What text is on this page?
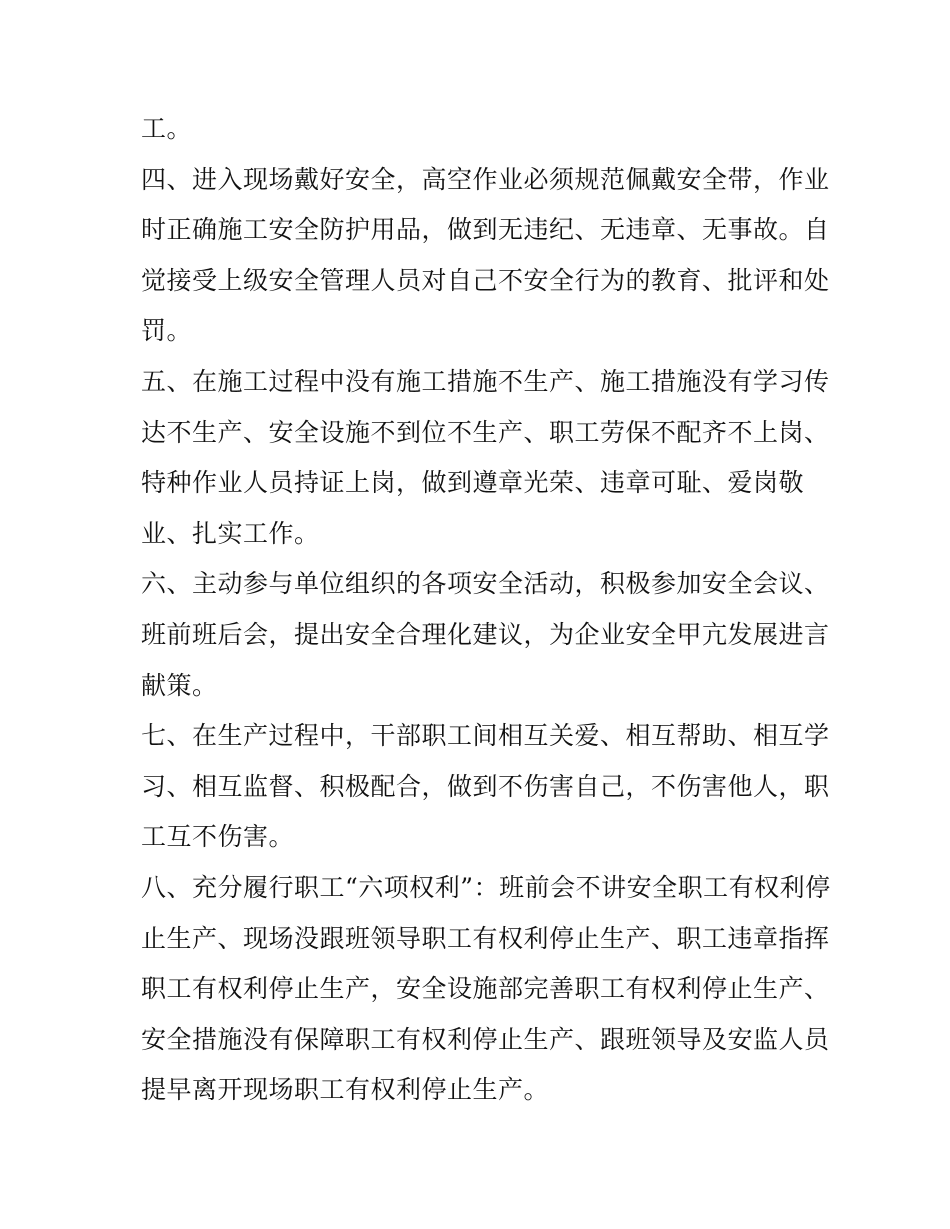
工。
四、进入现场戴好安全，高空作业必须规范佩戴安全带，作业
时正确施工安全防护用品，做到无违纪、无违章、无事故。自
觉接受上级安全管理人员对自己不安全行为的教育、批评和处
罚。
五、在施工过程中没有施工措施不生产、施工措施没有学习传
达不生产、安全设施不到位不生产、职工劳保不配齐不上岗、
特种作业人员持证上岗，做到遵章光荣、违章可耻、爱岗敬
业、扎实工作。
六、主动参与单位组织的各项安全活动，积极参加安全会议、
班前班后会，提出安全合理化建议，为企业安全甲亢发展进言
献策。
七、在生产过程中，干部职工间相互关爱、相互帮助、相互学
习、相互监督、积极配合，做到不伤害自己，不伤害他人，职
工互不伤害。
八、充分履行职工“六项权利”：班前会不讲安全职工有权利停
止生产、现场没跟班领导职工有权利停止生产、职工违章指挥
职工有权利停止生产，安全设施部完善职工有权利停止生产、
安全措施没有保障职工有权利停止生产、跟班领导及安监人员
提早离开现场职工有权利停止生产。
